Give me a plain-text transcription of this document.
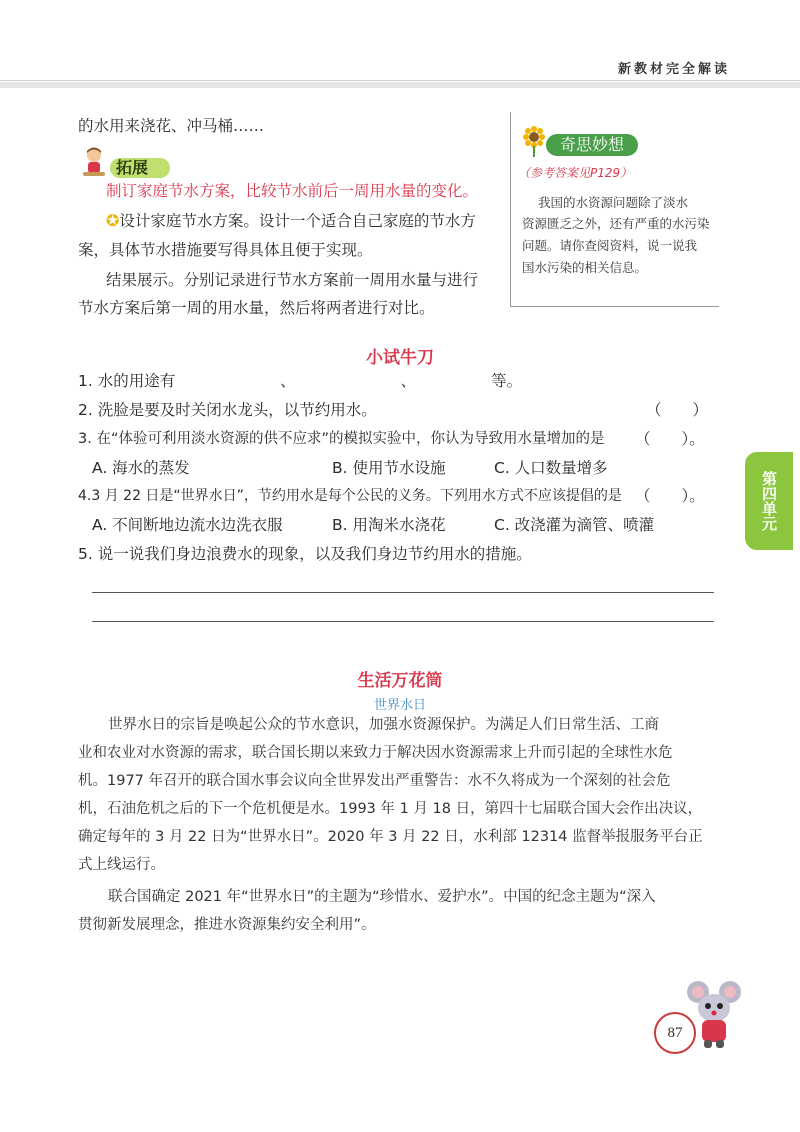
新教材完全解读
的水用来浇花、冲马桶……
拓展
制订家庭节水方案，比较节水前后一周用水量的变化。
✪设计家庭节水方案。设计一个适合自己家庭的节水方
案，具体节水措施要写得具体且便于实现。
结果展示。分别记录进行节水方案前一周用水量与进行
节水方案后第一周的用水量，然后将两者进行对比。
奇思妙想
（参考答案见P129）
我国的水资源问题除了淡水
资源匮乏之外，还有严重的水污染
问题。请你查阅资料，说一说我
国水污染的相关信息。
小试牛刀
1. 水的用途有	、	、	等。
2. 洗脸是要及时关闭水龙头，以节约用水。	（　　）
3. 在“体验可利用淡水资源的供不应求”的模拟实验中，你认为导致用水量增加的是 （　　）。
A. 海水的蒸发	B. 使用节水设施	C. 人口数量增多
4.3 月 22 日是“世界水日”，节约用水是每个公民的义务。下列用水方式不应该提倡的是 （　　）。
A. 不间断地边流水边洗衣服	B. 用淘米水浇花	C. 改浇灌为滴管、喷灌
5. 说一说我们身边浪费水的现象，以及我们身边节约用水的措施。
第四单元
生活万花筒
世界水日
世界水日的宗旨是唤起公众的节水意识，加强水资源保护。为满足人们日常生活、工商
业和农业对水资源的需求，联合国长期以来致力于解决因水资源需求上升而引起的全球性水危
机。1977 年召开的联合国水事会议向全世界发出严重警告：水不久将成为一个深刻的社会危
机，石油危机之后的下一个危机便是水。1993 年 1 月 18 日，第四十七届联合国大会作出决议，
确定每年的 3 月 22 日为“世界水日”。2020 年 3 月 22 日，水利部 12314 监督举报服务平台正
式上线运行。
联合国确定 2021 年“世界水日”的主题为“珍惜水、爱护水”。中国的纪念主题为“深入
贯彻新发展理念，推进水资源集约安全利用”。
87
